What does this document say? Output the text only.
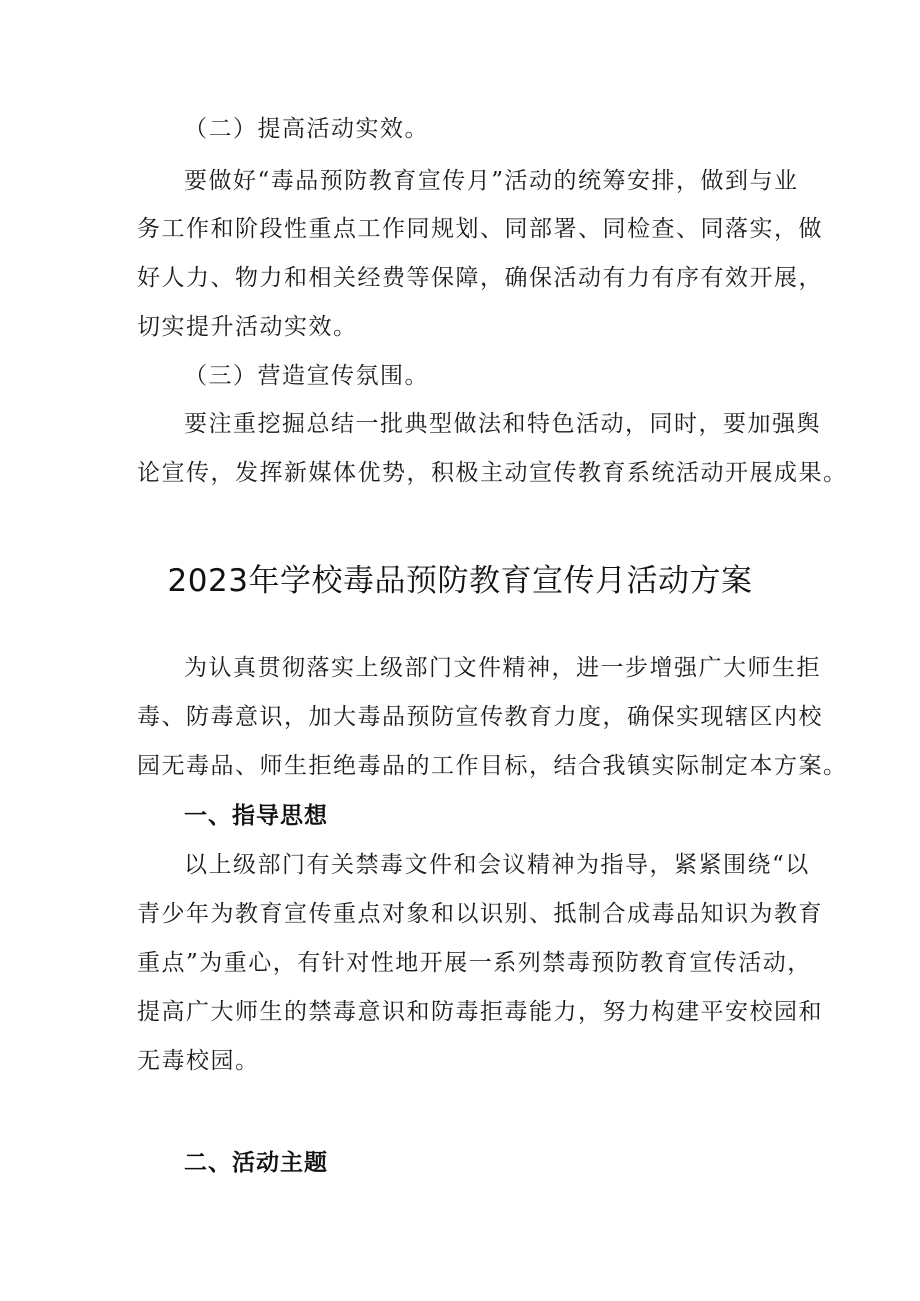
（二）提高活动实效。
要做好“毒品预防教育宣传月”活动的统筹安排，做到与业
务工作和阶段性重点工作同规划、同部署、同检查、同落实，做
好人力、物力和相关经费等保障，确保活动有力有序有效开展，
切实提升活动实效。
（三）营造宣传氛围。
要注重挖掘总结一批典型做法和特色活动，同时，要加强舆
论宣传，发挥新媒体优势，积极主动宣传教育系统活动开展成果。
2023年学校毒品预防教育宣传月活动方案
为认真贯彻落实上级部门文件精神，进一步增强广大师生拒
毒、防毒意识，加大毒品预防宣传教育力度，确保实现辖区内校
园无毒品、师生拒绝毒品的工作目标，结合我镇实际制定本方案。
一、指导思想
以上级部门有关禁毒文件和会议精神为指导，紧紧围绕“以
青少年为教育宣传重点对象和以识别、抵制合成毒品知识为教育
重点”为重心，有针对性地开展一系列禁毒预防教育宣传活动，
提高广大师生的禁毒意识和防毒拒毒能力，努力构建平安校园和
无毒校园。
二、活动主题
